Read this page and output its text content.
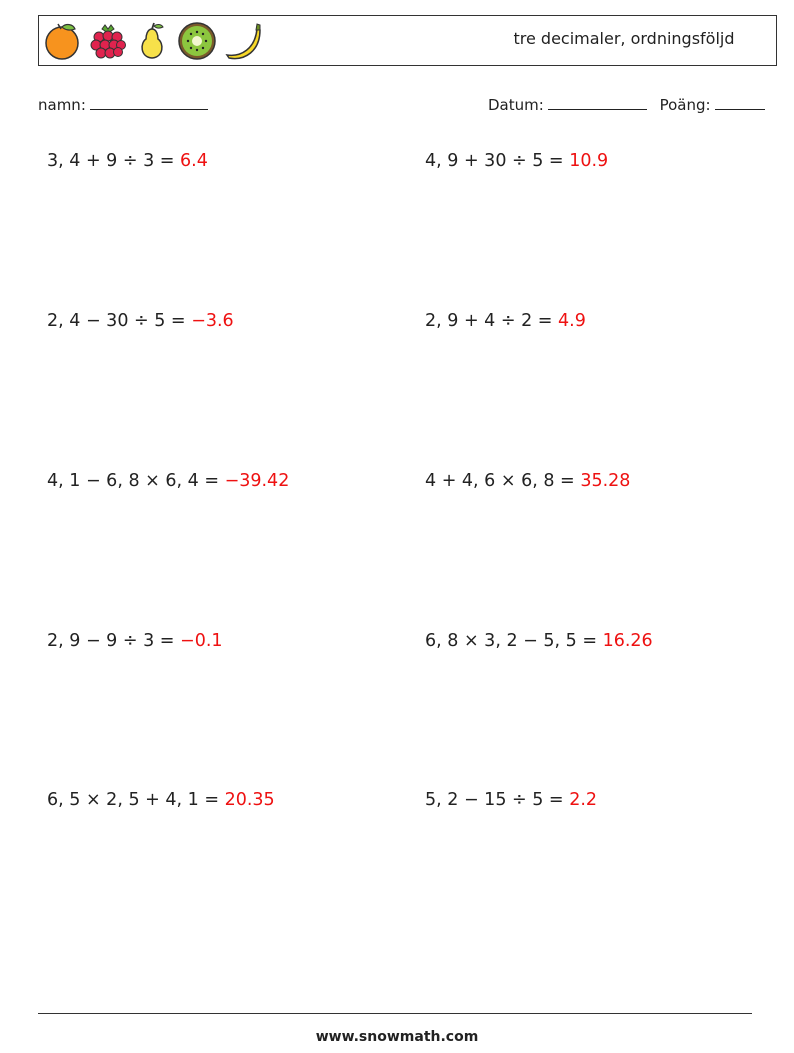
tre decimaler, ordningsföljd
namn:	Datum:	Poäng:
3, 4 + 9 ÷ 3 = 6.4	4, 9 + 30 ÷ 5 = 10.9
2, 4 − 30 ÷ 5 = −3.6	2, 9 + 4 ÷ 2 = 4.9
4, 1 − 6, 8 × 6, 4 = −39.42	4 + 4, 6 × 6, 8 = 35.28
2, 9 − 9 ÷ 3 = −0.1	6, 8 × 3, 2 − 5, 5 = 16.26
6, 5 × 2, 5 + 4, 1 = 20.35	5, 2 − 15 ÷ 5 = 2.2
www.snowmath.com
